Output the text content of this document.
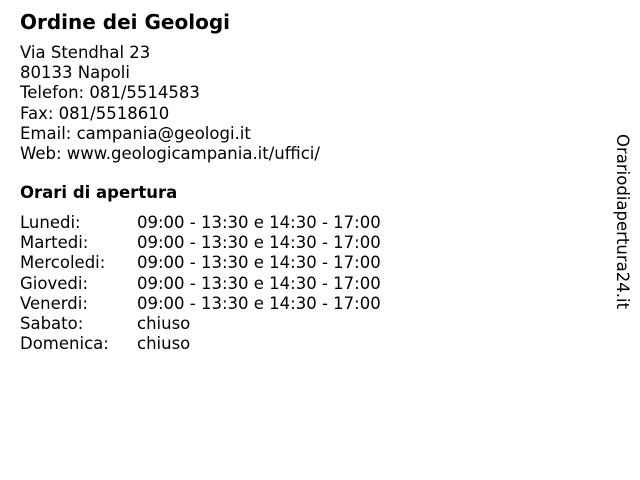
Ordine dei Geologi
Via Stendhal 23
80133 Napoli
Telefon: 081/5514583
Fax: 081/5518610
Email: campania@geologi.it
Web: www.geologicampania.it/uffici/
Orari di apertura
Lunedi:	09:00 - 13:30 e 14:30 - 17:00
Martedi:	09:00 - 13:30 e 14:30 - 17:00
Mercoledi: 09:00 - 13:30 e 14:30 - 17:00
Giovedi:	09:00 - 13:30 e 14:30 - 17:00
Venerdi:	09:00 - 13:30 e 14:30 - 17:00
Sabato:	chiuso
Domenica: chiuso
Orariodiapertura24.it
